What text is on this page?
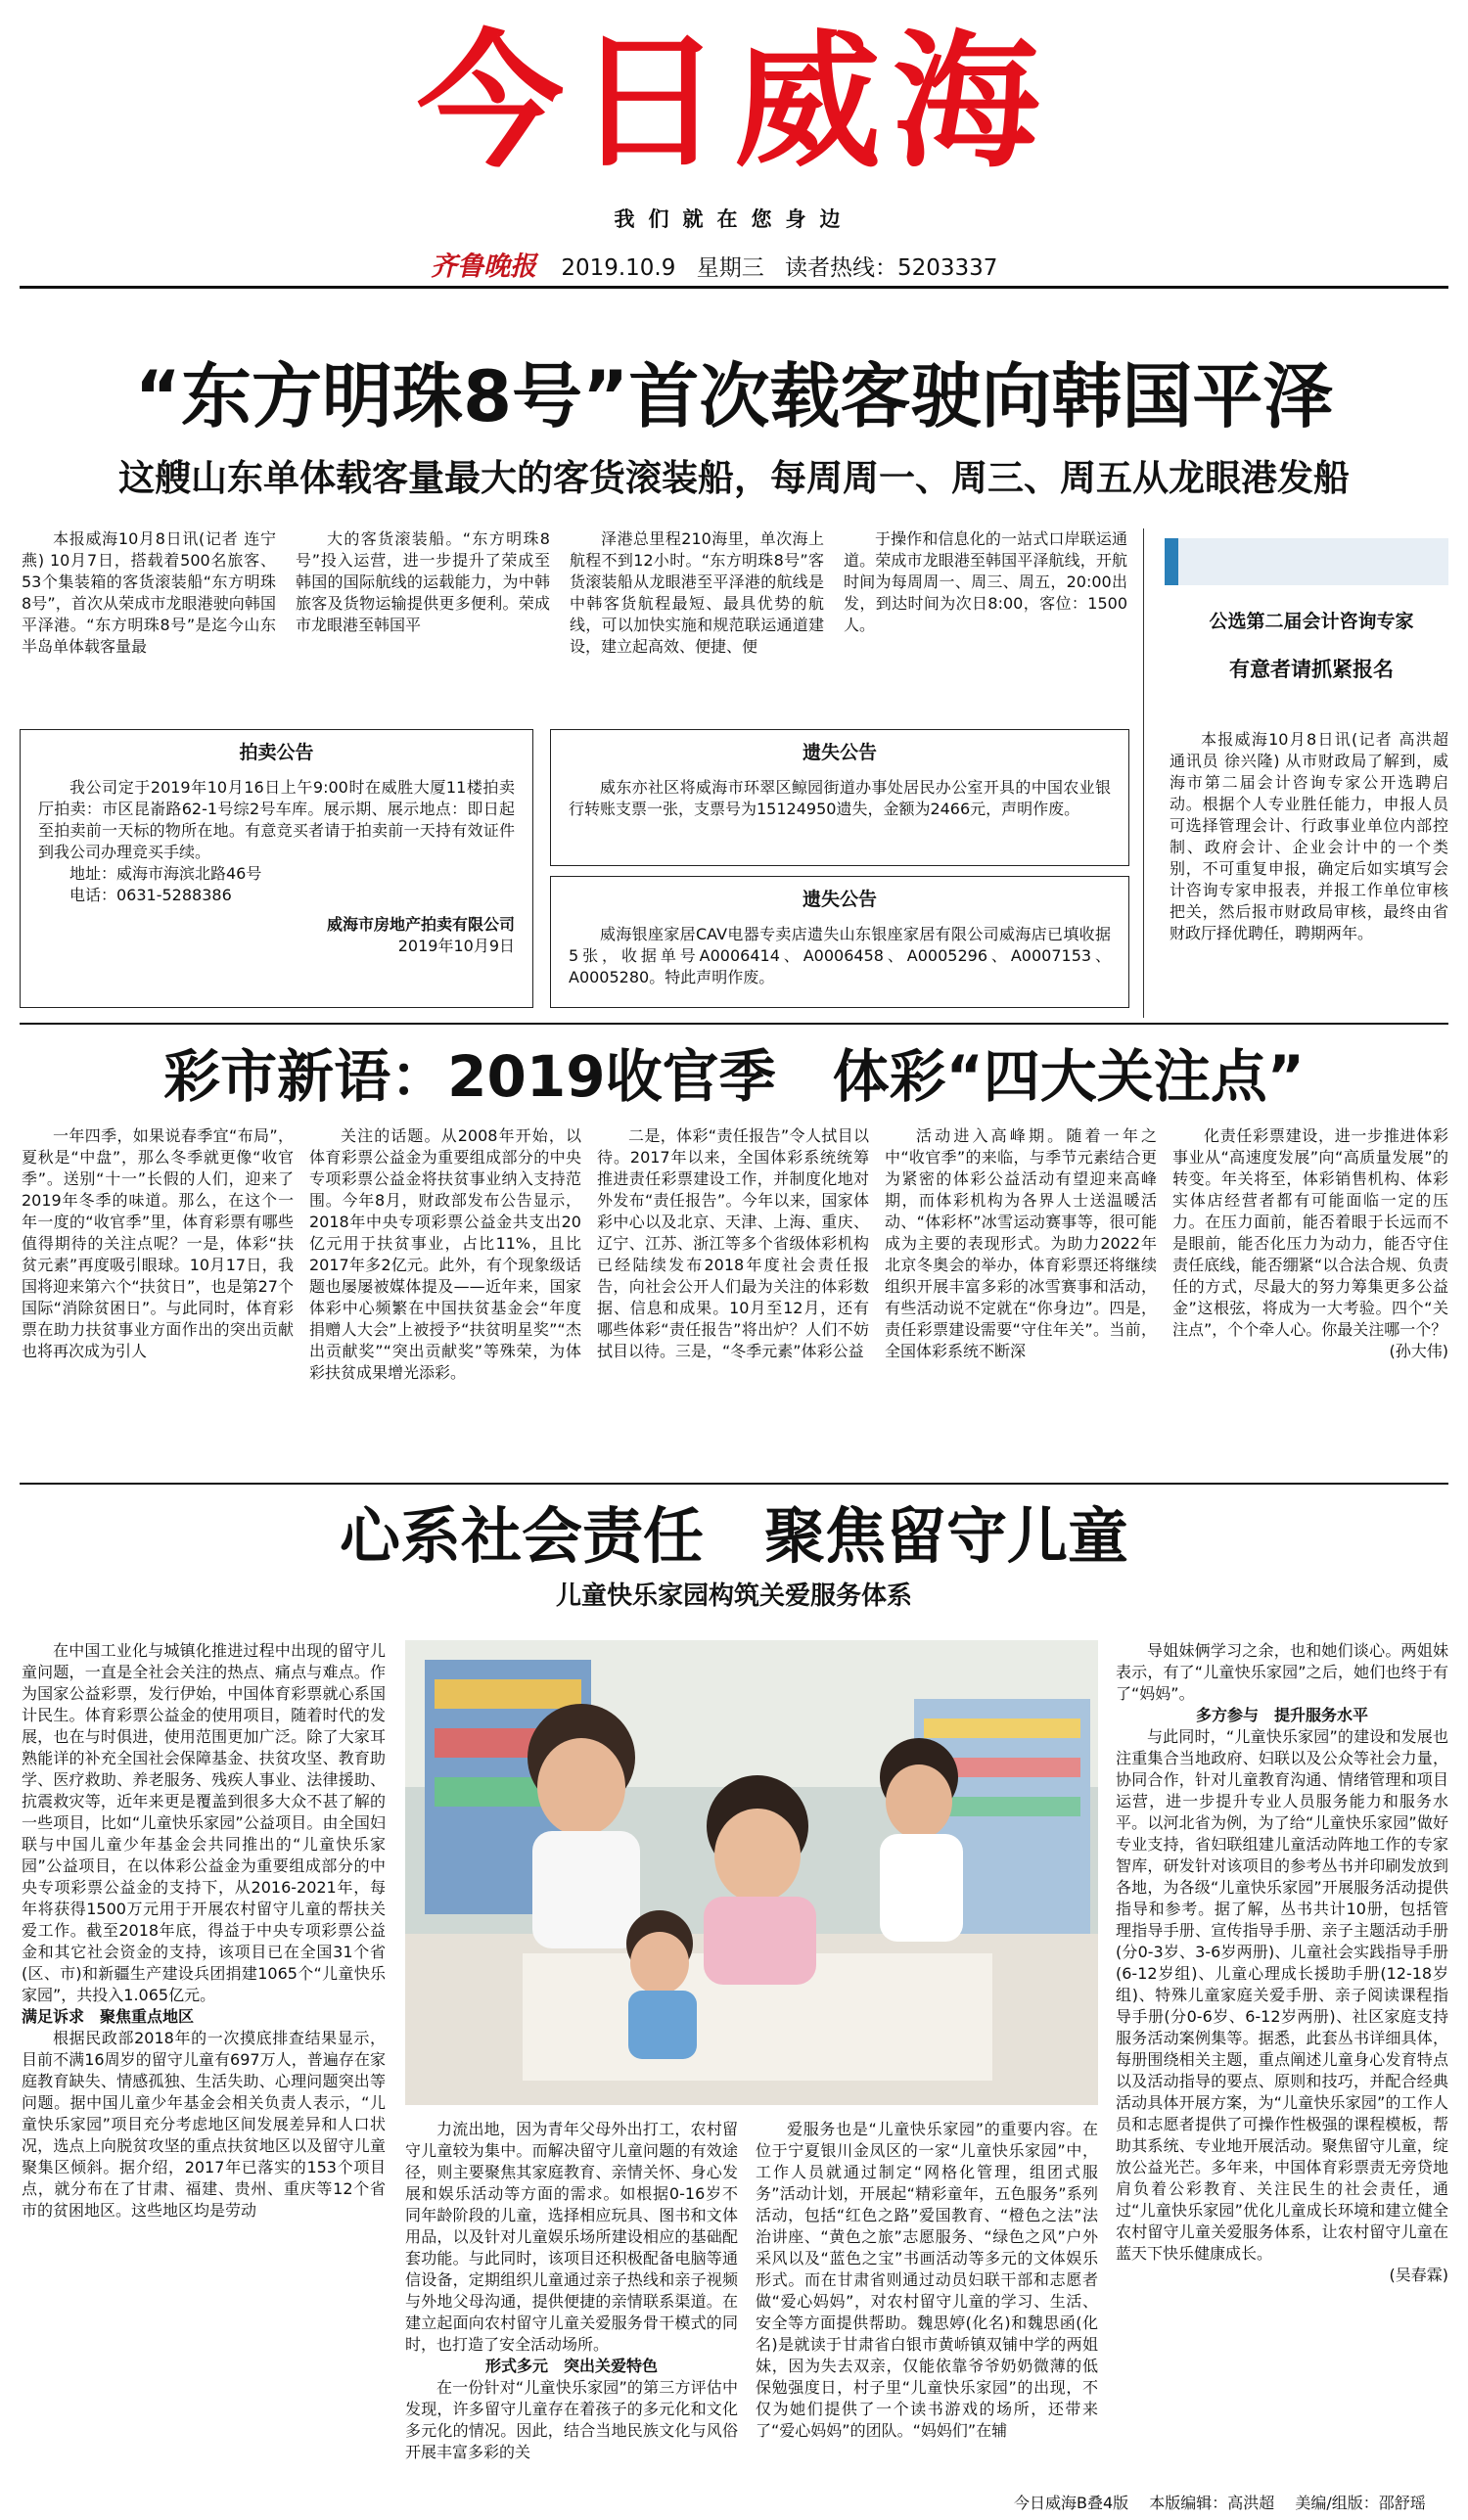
今日威海
我们就在您身边
齐鲁晚报 2019.10.9 星期三 读者热线：5203337
“东方明珠8号”首次载客驶向韩国平泽
这艘山东单体载客量最大的客货滚装船，每周周一、周三、周五从龙眼港发船
本报威海10月8日讯(记者 连宁燕) 10月7日，搭载着500名旅客、53个集装箱的客货滚装船“东方明珠8号”，首次从荣成市龙眼港驶向韩国平泽港。“东方明珠8号”是迄今山东半岛单体载客量最
大的客货滚装船。“东方明珠8号”投入运营，进一步提升了荣成至韩国的国际航线的运载能力，为中韩旅客及货物运输提供更多便利。荣成市龙眼港至韩国平
泽港总里程210海里，单次海上航程不到12小时。“东方明珠8号”客货滚装船从龙眼港至平泽港的航线是中韩客货航程最短、最具优势的航线，可以加快实施和规范联运通道建设，建立起高效、便捷、便
于操作和信息化的一站式口岸联运通道。荣成市龙眼港至韩国平泽航线，开航时间为每周周一、周三、周五，20:00出发，到达时间为次日8:00，客位：1500人。
拍卖公告

我公司定于2019年10月16日上午9:00时在威胜大厦11楼拍卖厅拍卖：市区昆嵛路62-1号综2号车库。展示期、展示地点：即日起至拍卖前一天标的物所在地。有意竞买者请于拍卖前一天持有效证件到我公司办理竞买手续。

地址：威海市海滨北路46号

电话：0631-5288386

威海市房地产拍卖有限公司

2019年10月9日

遗失公告

威东亦社区将威海市环翠区鲸园街道办事处居民办公室开具的中国农业银行转账支票一张，支票号为15124950遗失，金额为2466元，声明作废。

遗失公告

威海银座家居CAV电器专卖店遗失山东银座家居有限公司威海店已填收据5张，收据单号A0006414、A0006458、A0005296、A0007153、A0005280。特此声明作废。

公选第二届会计咨询专家
有意者请抓紧报名
本报威海10月8日讯(记者 高洪超 通讯员 徐兴隆) 从市财政局了解到，威海市第二届会计咨询专家公开选聘启动。根据个人专业胜任能力，申报人员可选择管理会计、行政事业单位内部控制、政府会计、企业会计中的一个类别，不可重复申报，确定后如实填写会计咨询专家申报表，并报工作单位审核把关，然后报市财政局审核，最终由省财政厅择优聘任，聘期两年。
彩市新语：2019收官季　体彩“四大关注点”
一年四季，如果说春季宜“布局”，夏秋是“中盘”，那么冬季就更像“收官季”。送别“十一”长假的人们，迎来了2019年冬季的味道。那么，在这个一年一度的“收官季”里，体育彩票有哪些值得期待的关注点呢？一是，体彩“扶贫元素”再度吸引眼球。10月17日，我国将迎来第六个“扶贫日”，也是第27个国际“消除贫困日”。与此同时，体育彩票在助力扶贫事业方面作出的突出贡献也将再次成为引人
关注的话题。从2008年开始，以体育彩票公益金为重要组成部分的中央专项彩票公益金将扶贫事业纳入支持范围。今年8月，财政部发布公告显示，2018年中央专项彩票公益金共支出20亿元用于扶贫事业，占比11%，且比2017年多2亿元。此外，有个现象级话题也屡屡被媒体提及——近年来，国家体彩中心频繁在中国扶贫基金会“年度捐赠人大会”上被授予“扶贫明星奖”“杰出贡献奖”“突出贡献奖”等殊荣，为体彩扶贫成果增光添彩。
二是，体彩“责任报告”令人拭目以待。2017年以来，全国体彩系统统筹推进责任彩票建设工作，并制度化地对外发布“责任报告”。今年以来，国家体彩中心以及北京、天津、上海、重庆、辽宁、江苏、浙江等多个省级体彩机构已经陆续发布2018年度社会责任报告，向社会公开人们最为关注的体彩数据、信息和成果。10月至12月，还有哪些体彩“责任报告”将出炉？人们不妨拭目以待。三是，“冬季元素”体彩公益
活动进入高峰期。随着一年之中“收官季”的来临，与季节元素结合更为紧密的体彩公益活动有望迎来高峰期，而体彩机构为各界人士送温暖活动、“体彩杯”冰雪运动赛事等，很可能成为主要的表现形式。为助力2022年北京冬奥会的举办，体育彩票还将继续组织开展丰富多彩的冰雪赛事和活动，有些活动说不定就在“你身边”。四是，责任彩票建设需要“守住年关”。当前，全国体彩系统不断深
化责任彩票建设，进一步推进体彩事业从“高速度发展”向“高质量发展”的转变。年关将至，体彩销售机构、体彩实体店经营者都有可能面临一定的压力。在压力面前，能否着眼于长远而不是眼前，能否化压力为动力，能否守住责任底线，能否绷紧“以合法合规、负责任的方式，尽最大的努力筹集更多公益金”这根弦，将成为一大考验。四个“关注点”，个个牵人心。你最关注哪一个？
(孙大伟)
心系社会责任　聚焦留守儿童
儿童快乐家园构筑关爱服务体系

在中国工业化与城镇化推进过程中出现的留守儿童问题，一直是全社会关注的热点、痛点与难点。作为国家公益彩票，发行伊始，中国体育彩票就心系国计民生。体育彩票公益金的使用项目，随着时代的发展，也在与时俱进，使用范围更加广泛。除了大家耳熟能详的补充全国社会保障基金、扶贫攻坚、教育助学、医疗救助、养老服务、残疾人事业、法律援助、抗震救灾等，近年来更是覆盖到很多大众不甚了解的一些项目，比如“儿童快乐家园”公益项目。由全国妇联与中国儿童少年基金会共同推出的“儿童快乐家园”公益项目，在以体彩公益金为重要组成部分的中央专项彩票公益金的支持下，从2016-2021年，每年将获得1500万元用于开展农村留守儿童的帮扶关爱工作。截至2018年底，得益于中央专项彩票公益金和其它社会资金的支持，该项目已在全国31个省(区、市)和新疆生产建设兵团捐建1065个“儿童快乐家园”，共投入1.065亿元。

满足诉求　聚焦重点地区

根据民政部2018年的一次摸底排查结果显示，目前不满16周岁的留守儿童有697万人，普遍存在家庭教育缺失、情感孤独、生活失助、心理问题突出等问题。据中国儿童少年基金会相关负责人表示，“儿童快乐家园”项目充分考虑地区间发展差异和人口状况，选点上向脱贫攻坚的重点扶贫地区以及留守儿童聚集区倾斜。据介绍，2017年已落实的153个项目点，就分布在了甘肃、福建、贵州、重庆等12个省市的贫困地区。这些地区均是劳动

力流出地，因为青年父母外出打工，农村留守儿童较为集中。而解决留守儿童问题的有效途径，则主要聚焦其家庭教育、亲情关怀、身心发展和娱乐活动等方面的需求。如根据0-16岁不同年龄阶段的儿童，选择相应玩具、图书和文体用品，以及针对儿童娱乐场所建设相应的基础配套功能。与此同时，该项目还积极配备电脑等通信设备，定期组织儿童通过亲子热线和亲子视频与外地父母沟通，提供便捷的亲情联系渠道。在建立起面向农村留守儿童关爱服务骨干模式的同时，也打造了安全活动场所。

形式多元　突出关爱特色

在一份针对“儿童快乐家园”的第三方评估中发现，许多留守儿童存在着孩子的多元化和文化多元化的情况。因此，结合当地民族文化与风俗开展丰富多彩的关

爱服务也是“儿童快乐家园”的重要内容。在位于宁夏银川金凤区的一家“儿童快乐家园”中，工作人员就通过制定“网格化管理，组团式服务”活动计划，开展起“精彩童年，五色服务”系列活动，包括“红色之路”爱国教育、“橙色之法”法治讲座、“黄色之旅”志愿服务、“绿色之风”户外采风以及“蓝色之宝”书画活动等多元的文体娱乐形式。而在甘肃省则通过动员妇联干部和志愿者做“爱心妈妈”，对农村留守儿童的学习、生活、安全等方面提供帮助。魏思婷(化名)和魏思函(化名)是就读于甘肃省白银市黄峤镇双铺中学的两姐妹，因为失去双亲，仅能依靠爷爷奶奶微薄的低保勉强度日，村子里“儿童快乐家园”的出现，不仅为她们提供了一个读书游戏的场所，还带来了“爱心妈妈”的团队。“妈妈们”在辅

导姐妹俩学习之余，也和她们谈心。两姐妹表示，有了“儿童快乐家园”之后，她们也终于有了“妈妈”。

多方参与　提升服务水平

与此同时，“儿童快乐家园”的建设和发展也注重集合当地政府、妇联以及公众等社会力量，协同合作，针对儿童教育沟通、情绪管理和项目运营，进一步提升专业人员服务能力和服务水平。以河北省为例，为了给“儿童快乐家园”做好专业支持，省妇联组建儿童活动阵地工作的专家智库，研发针对该项目的参考丛书并印刷发放到各地，为各级“儿童快乐家园”开展服务活动提供指导和参考。据了解，丛书共计10册，包括管理指导手册、宣传指导手册、亲子主题活动手册(分0-3岁、3-6岁两册)、儿童社会实践指导手册(6-12岁组)、儿童心理成长援助手册(12-18岁组)、特殊儿童家庭关爱手册、亲子阅读课程指导手册(分0-6岁、6-12岁两册)、社区家庭支持服务活动案例集等。据悉，此套丛书详细具体，每册围绕相关主题，重点阐述儿童身心发育特点以及活动指导的要点、原则和技巧，并配合经典活动具体开展方案，为“儿童快乐家园”的工作人员和志愿者提供了可操作性极强的课程模板，帮助其系统、专业地开展活动。聚焦留守儿童，绽放公益光芒。多年来，中国体育彩票责无旁贷地肩负着公彩教育、关注民生的社会责任，通过“儿童快乐家园”优化儿童成长环境和建立健全农村留守儿童关爱服务体系，让农村留守儿童在蓝天下快乐健康成长。

(吴春霖)

今日威海B叠4版 本版编辑：高洪超 美编/组版：邵舒瑶
